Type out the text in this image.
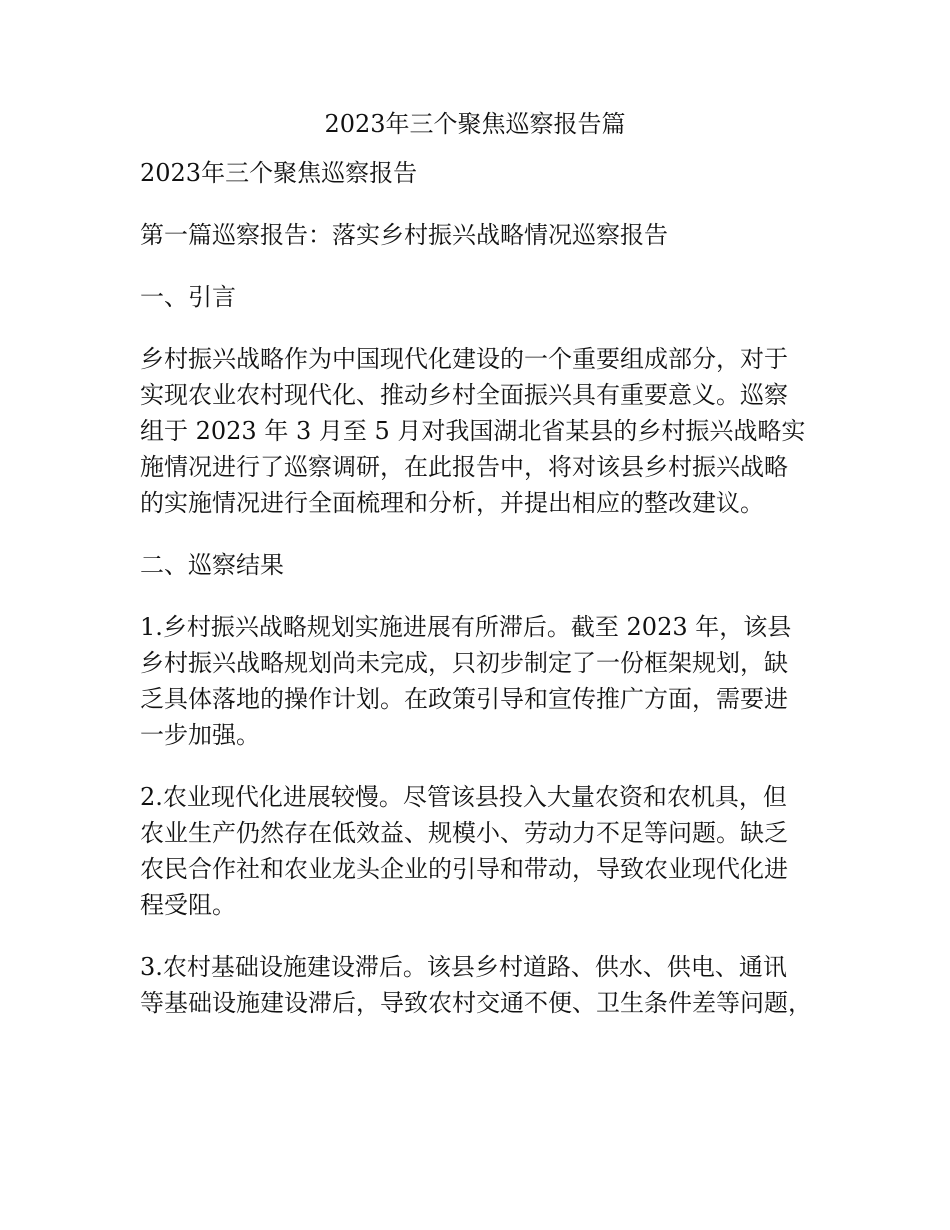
2023年三个聚焦巡察报告篇
2023年三个聚焦巡察报告
第一篇巡察报告：落实乡村振兴战略情况巡察报告
一、引言
乡村振兴战略作为中国现代化建设的一个重要组成部分，对于
实现农业农村现代化、推动乡村全面振兴具有重要意义。巡察
组于 2023 年 3 月至 5 月对我国湖北省某县的乡村振兴战略实
施情况进行了巡察调研，在此报告中，将对该县乡村振兴战略
的实施情况进行全面梳理和分析，并提出相应的整改建议。
二、巡察结果
1.乡村振兴战略规划实施进展有所滞后。截至 2023 年，该县
乡村振兴战略规划尚未完成，只初步制定了一份框架规划，缺
乏具体落地的操作计划。在政策引导和宣传推广方面，需要进
一步加强。
2.农业现代化进展较慢。尽管该县投入大量农资和农机具，但
农业生产仍然存在低效益、规模小、劳动力不足等问题。缺乏
农民合作社和农业龙头企业的引导和带动，导致农业现代化进
程受阻。
3.农村基础设施建设滞后。该县乡村道路、供水、供电、通讯
等基础设施建设滞后，导致农村交通不便、卫生条件差等问题，
